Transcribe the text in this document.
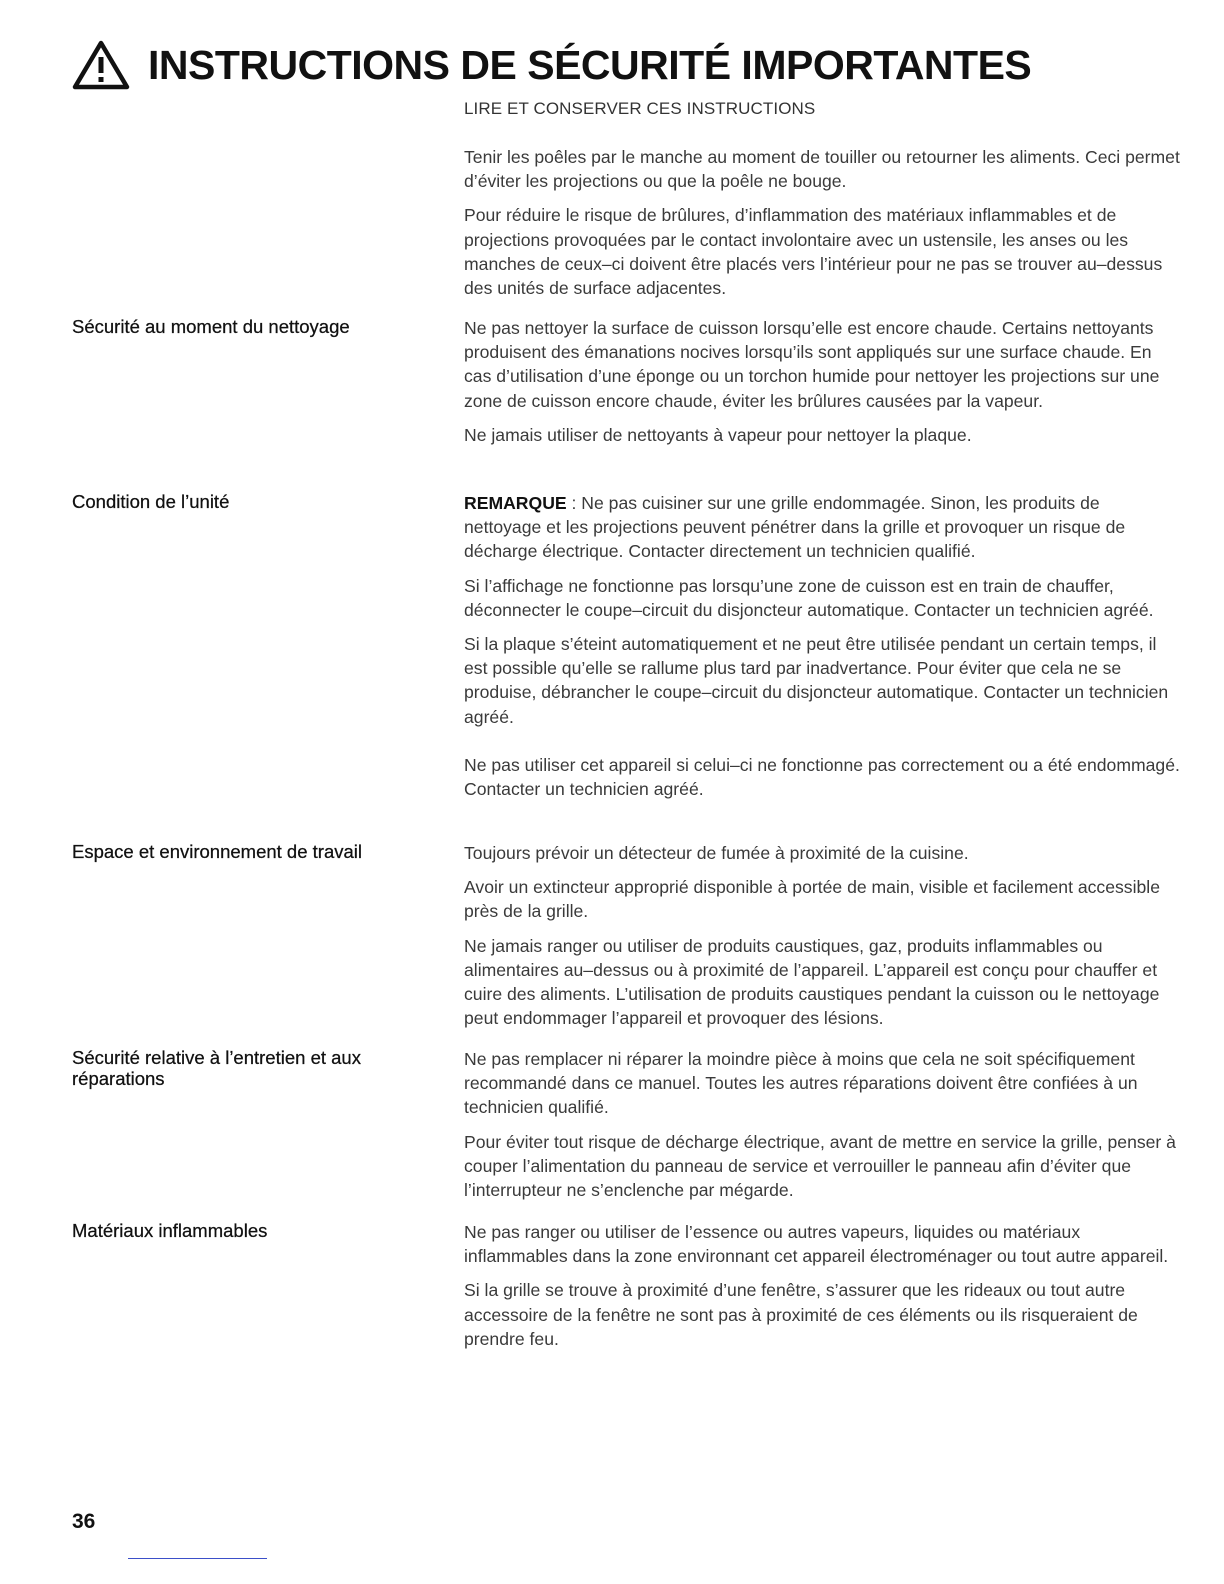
INSTRUCTIONS DE SÉCURITÉ IMPORTANTES
LIRE ET CONSERVER CES INSTRUCTIONS

Tenir les poêles par le manche au moment de touiller ou retourner les aliments. Ceci permet d’éviter les projections ou que la poêle ne bouge.

Pour réduire le risque de brûlures, d’inflammation des matériaux inflammables et de projections provoquées par le contact involontaire avec un ustensile, les anses ou les manches de ceux–ci doivent être placés vers l’intérieur pour ne pas se trouver au–dessus des unités de surface adjacentes.

Sécurité au moment du nettoyage	Ne pas nettoyer la surface de cuisson lorsqu’elle est encore chaude. Certains nettoyants produisent des émanations nocives lorsqu’ils sont appliqués sur une surface chaude. En cas d’utilisation d’une éponge ou un torchon humide pour nettoyer les projections sur une zone de cuisson encore chaude, éviter les brûlures causées par la vapeur.

Ne jamais utiliser de nettoyants à vapeur pour nettoyer la plaque.

Condition de l’unité	REMARQUE : Ne pas cuisiner sur une grille endommagée. Sinon, les produits de nettoyage et les projections peuvent pénétrer dans la grille et provoquer un risque de décharge électrique. Contacter directement un technicien qualifié.

Si l’affichage ne fonctionne pas lorsqu’une zone de cuisson est en train de chauffer, déconnecter le coupe–circuit du disjoncteur automatique. Contacter un technicien agréé.

Si la plaque s’éteint automatiquement et ne peut être utilisée pendant un certain temps, il est possible qu’elle se rallume plus tard par inadvertance. Pour éviter que cela ne se produise, débrancher le coupe–circuit du disjoncteur automatique. Contacter un technicien agréé.

Ne pas utiliser cet appareil si celui–ci ne fonctionne pas correctement ou a été endommagé. Contacter un technicien agréé.

Espace et environnement de travail	Toujours prévoir un détecteur de fumée à proximité de la cuisine.

Avoir un extincteur approprié disponible à portée de main, visible et facilement accessible près de la grille.

Ne jamais ranger ou utiliser de produits caustiques, gaz, produits inflammables ou alimentaires au–dessus ou à proximité de l’appareil. L’appareil est conçu pour chauffer et cuire des aliments. L’utilisation de produits caustiques pendant la cuisson ou le nettoyage peut endommager l’appareil et provoquer des lésions.

Sécurité relative à l’entretien et aux réparations

Ne pas remplacer ni réparer la moindre pièce à moins que cela ne soit spécifiquement recommandé dans ce manuel. Toutes les autres réparations doivent être confiées à un technicien qualifié.

Pour éviter tout risque de décharge électrique, avant de mettre en service la grille, penser à couper l’alimentation du panneau de service et verrouiller le panneau afin d’éviter que l’interrupteur ne s’enclenche par mégarde.

Matériaux inflammables	Ne pas ranger ou utiliser de l’essence ou autres vapeurs, liquides ou matériaux inflammables dans la zone environnant cet appareil électroménager ou tout autre appareil.

Si la grille se trouve à proximité d’une fenêtre, s’assurer que les rideaux ou tout autre accessoire de la fenêtre ne sont pas à proximité de ces éléments ou ils risqueraient de prendre feu.

36
